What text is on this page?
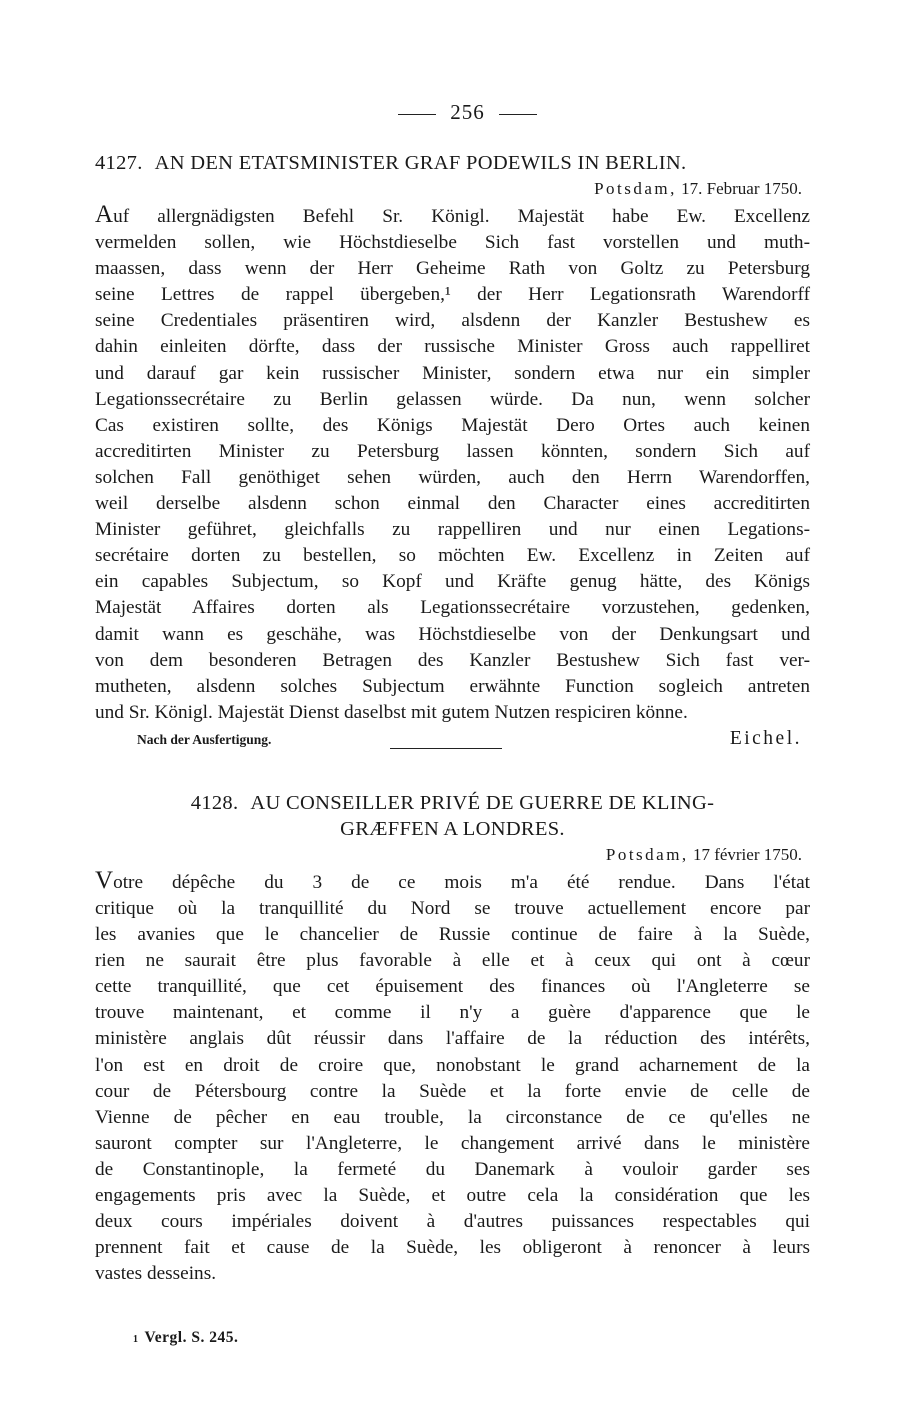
256
4127. AN DEN ETATSMINISTER GRAF PODEWILS IN BERLIN.
Potsdam, 17. Februar 1750.
Auf allergnädigsten Befehl Sr. Königl. Majestät habe Ew. Excellenz
vermelden sollen, wie Höchstdieselbe Sich fast vorstellen und muth-
maassen, dass wenn der Herr Geheime Rath von Goltz zu Petersburg
seine Lettres de rappel übergeben,¹ der Herr Legationsrath Warendorff
seine Credentiales präsentiren wird, alsdenn der Kanzler Bestushew es
dahin einleiten dörfte, dass der russische Minister Gross auch rappelliret
und darauf gar kein russischer Minister, sondern etwa nur ein simpler
Legationssecrétaire zu Berlin gelassen würde. Da nun, wenn solcher
Cas existiren sollte, des Königs Majestät Dero Ortes auch keinen
accreditirten Minister zu Petersburg lassen könnten, sondern Sich auf
solchen Fall genöthiget sehen würden, auch den Herrn Warendorffen,
weil derselbe alsdenn schon einmal den Character eines accreditirten
Minister geführet, gleichfalls zu rappelliren und nur einen Legations-
secrétaire dorten zu bestellen, so möchten Ew. Excellenz in Zeiten auf
ein capables Subjectum, so Kopf und Kräfte genug hätte, des Königs
Majestät Affaires dorten als Legationssecrétaire vorzustehen, gedenken,
damit wann es geschähe, was Höchstdieselbe von der Denkungsart und
von dem besonderen Betragen des Kanzler Bestushew Sich fast ver-
mutheten, alsdenn solches Subjectum erwähnte Function sogleich antreten
und Sr. Königl. Majestät Dienst daselbst mit gutem Nutzen respiciren könne.
Nach der Ausfertigung.	Eichel.
4128. AU CONSEILLER PRIVÉ DE GUERRE DE KLING-
GRÆFFEN A LONDRES.
Potsdam, 17 février 1750.
Votre dépêche du 3 de ce mois m'a été rendue. Dans l'état
critique où la tranquillité du Nord se trouve actuellement encore par
les avanies que le chancelier de Russie continue de faire à la Suède,
rien ne saurait être plus favorable à elle et à ceux qui ont à cœur
cette tranquillité, que cet épuisement des finances où l'Angleterre se
trouve maintenant, et comme il n'y a guère d'apparence que le
ministère anglais dût réussir dans l'affaire de la réduction des intérêts,
l'on est en droit de croire que, nonobstant le grand acharnement de la
cour de Pétersbourg contre la Suède et la forte envie de celle de
Vienne de pêcher en eau trouble, la circonstance de ce qu'elles ne
sauront compter sur l'Angleterre, le changement arrivé dans le ministère
de Constantinople, la fermeté du Danemark à vouloir garder ses
engagements pris avec la Suède, et outre cela la considération que les
deux cours impériales doivent à d'autres puissances respectables qui
prennent fait et cause de la Suède, les obligeront à renoncer à leurs
vastes desseins.
1 Vergl. S. 245.
